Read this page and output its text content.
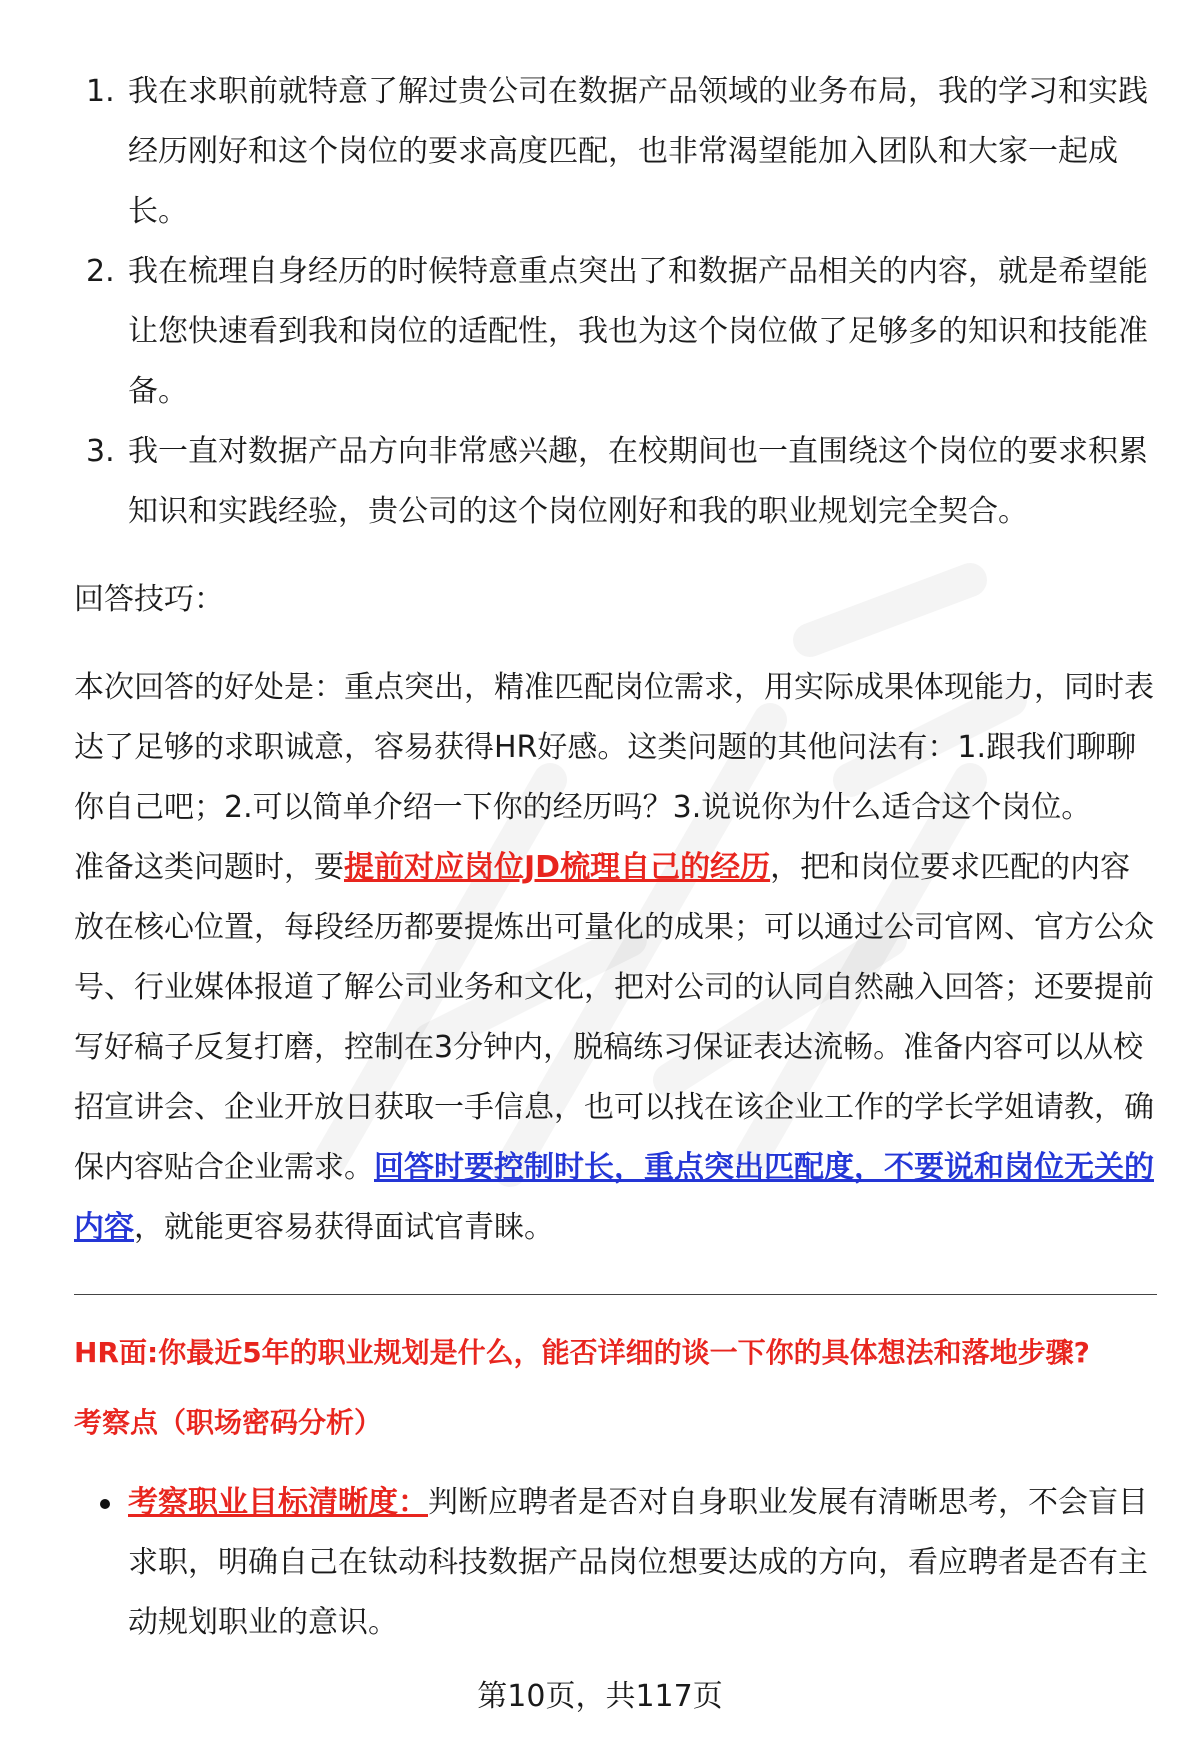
1. 我在求职前就特意了解过贵公司在数据产品领域的业务布局，我的学习和实践经历刚好和这个岗位的要求高度匹配，也非常渴望能加入团队和大家一起成长。
2. 我在梳理自身经历的时候特意重点突出了和数据产品相关的内容，就是希望能让您快速看到我和岗位的适配性，我也为这个岗位做了足够多的知识和技能准备。
3. 我一直对数据产品方向非常感兴趣，在校期间也一直围绕这个岗位的要求积累知识和实践经验，贵公司的这个岗位刚好和我的职业规划完全契合。

回答技巧：

本次回答的好处是：重点突出，精准匹配岗位需求，用实际成果体现能力，同时表达了足够的求职诚意，容易获得HR好感。这类问题的其他问法有：1.跟我们聊聊你自己吧；2.可以简单介绍一下你的经历吗？3.说说你为什么适合这个岗位。

准备这类问题时，要提前对应岗位JD梳理自己的经历，把和岗位要求匹配的内容放在核心位置，每段经历都要提炼出可量化的成果；可以通过公司官网、官方公众号、行业媒体报道了解公司业务和文化，把对公司的认同自然融入回答；还要提前写好稿子反复打磨，控制在3分钟内，脱稿练习保证表达流畅。准备内容可以从校招宣讲会、企业开放日获取一手信息，也可以找在该企业工作的学长学姐请教，确保内容贴合企业需求。回答时要控制时长，重点突出匹配度，不要说和岗位无关的内容，就能更容易获得面试官青睐。

HR面:你最近5年的职业规划是什么，能否详细的谈一下你的具体想法和落地步骤?
考察点（职场密码分析）
考察职业目标清晰度：判断应聘者是否对自身职业发展有清晰思考，不会盲目求职，明确自己在钛动科技数据产品岗位想要达成的方向，看应聘者是否有主动规划职业的意识。
第10页，共117页
